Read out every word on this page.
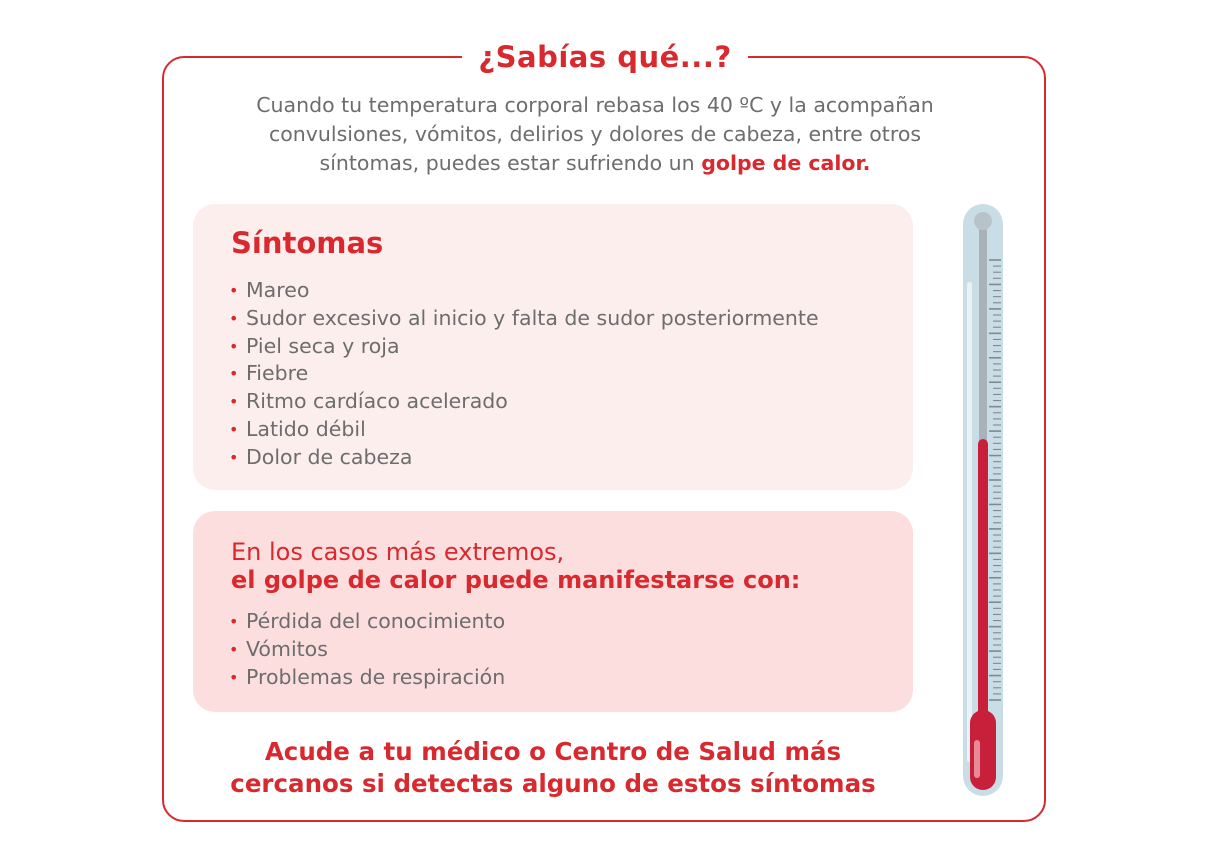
¿Sabías qué...?
Cuando tu temperatura corporal rebasa los 40 ºC y la acompañan
convulsiones, vómitos, delirios y dolores de cabeza, entre otros
síntomas, puedes estar sufriendo un golpe de calor.
Síntomas
• Mareo
• Sudor excesivo al inicio y falta de sudor posteriormente
• Piel seca y roja
• Fiebre
• Ritmo cardíaco acelerado
• Latido débil
• Dolor de cabeza
En los casos más extremos,
el golpe de calor puede manifestarse con:
• Pérdida del conocimiento
• Vómitos
• Problemas de respiración
Acude a tu médico o Centro de Salud más
cercanos si detectas alguno de estos síntomas
